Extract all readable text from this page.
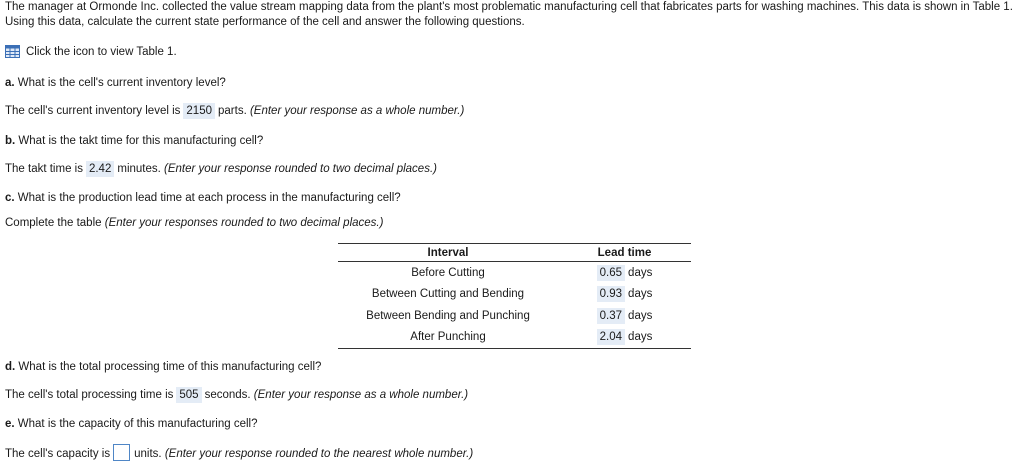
The manager at Ormonde Inc. collected the value stream mapping data from the plant's most problematic manufacturing cell that fabricates parts for washing machines. This data is shown in Table 1. Using this data, calculate the current state performance of the cell and answer the following questions.
Click the icon to view Table 1.
a. What is the cell's current inventory level?
The cell's current inventory level is 2150 parts. (Enter your response as a whole number.)
b. What is the takt time for this manufacturing cell?
The takt time is 2.42 minutes. (Enter your response rounded to two decimal places.)
c. What is the production lead time at each process in the manufacturing cell?
Complete the table (Enter your responses rounded to two decimal places.)
Interval	Lead time
Before Cutting	0.65 days
Between Cutting and Bending	0.93 days
Between Bending and Punching	0.37 days
After Punching	2.04 days
d. What is the total processing time of this manufacturing cell?
The cell's total processing time is 505 seconds. (Enter your response as a whole number.)
e. What is the capacity of this manufacturing cell?
The cell's capacity is units. (Enter your response rounded to the nearest whole number.)
